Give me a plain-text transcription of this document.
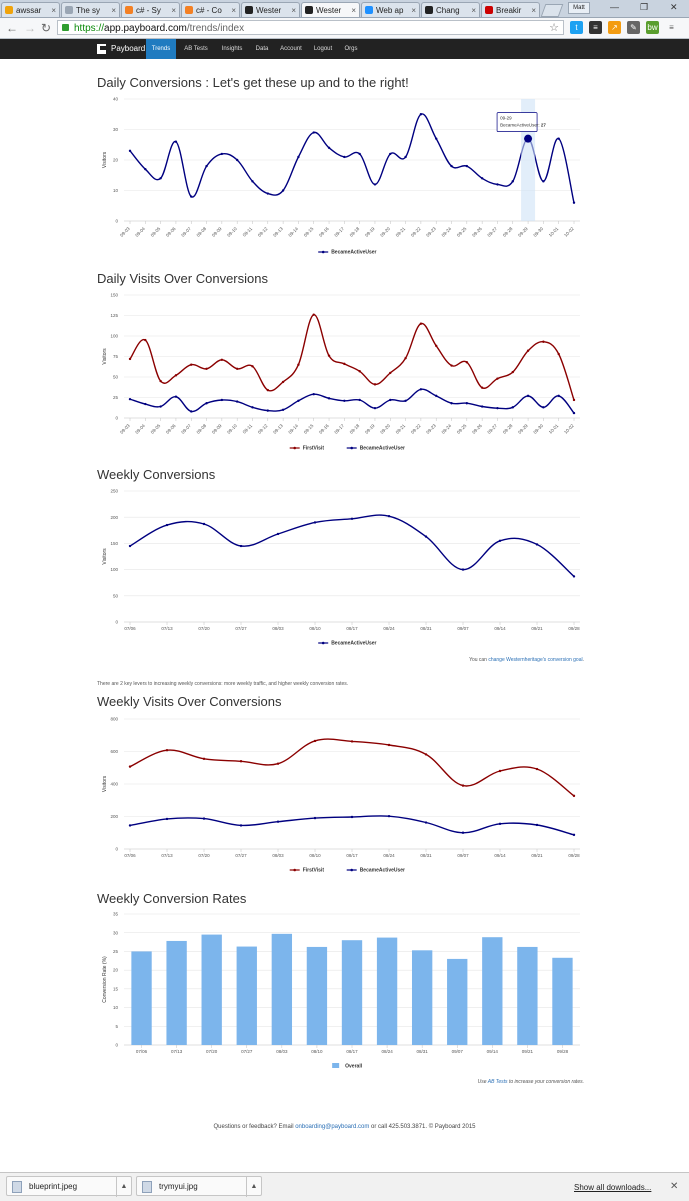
Matt	— ❐ ✕
awssar ×	The sy ×	c# - Sy ×	c# - Co ×	Wester ×	Wester ×	Web ap ×	Chang ×	Breakir ×
← → ↻	https://app.payboard.com/trends/index	☆	t	≡	↗	✎	bw	≡
Payboard	Trends	AB Tests	Insights	Data	Account	Logout	Orgs
Daily Conversions : Let's get these up and to the right!
0
10
20
30
40
Visitors
09-03 09-04 09-05 09-06 09-07 09-08 09-09 09-10 09-11 09-12 09-13 09-14 09-15 09-16 09-17 09-18 09-19 09-20 09-21 09-22 09-23 09-24 09-25 09-26 09-27 09-28 09-29 09-30 10-01 10-02
09-29
BecameActiveUser: 27
BecameActiveUser
Daily Visits Over Conversions
0
25
50
75
100
125
150
Visitors
09-03 09-04 09-05 09-06 09-07 09-08 09-09 09-10 09-11 09-12 09-13 09-14 09-15 09-16 09-17 09-18 09-19 09-20 09-21 09-22 09-23 09-24 09-25 09-26 09-27 09-28 09-29 09-30 10-01 10-02
FirstVisit	BecameActiveUser
Weekly Conversions
0
50
100
150
200
250
Visitors
07/06	07/13	07/20	07/27	08/03	08/10	08/17	08/24	08/31	09/07	09/14	09/21	09/28
BecameActiveUser
You can change Westernheritage's conversion goal.
There are 2 key levers to increasing weekly conversions: more weekly traffic, and higher weekly conversion rates.
Weekly Visits Over Conversions
0
200
400
600
800
Visitors
07/06	07/13	07/20	07/27	08/03	08/10	08/17	08/24	08/31	09/07	09/14	09/21	09/28
FirstVisit	BecameActiveUser
Weekly Conversion Rates
0
5
10
15
20
25
30
35
Conversion Rate (%)
07/06	07/13	07/20	07/27	08/03	08/10	08/17	08/24	08/31	09/07	09/14	09/21	09/28
Overall
Use AB Tests to increase your conversion rates.
Questions or feedback? Email onboarding@payboard.com or call 425.503.3871. © Payboard 2015
blueprint.jpeg	▲	trymyui.jpg	▲	Show all downloads... ✕
